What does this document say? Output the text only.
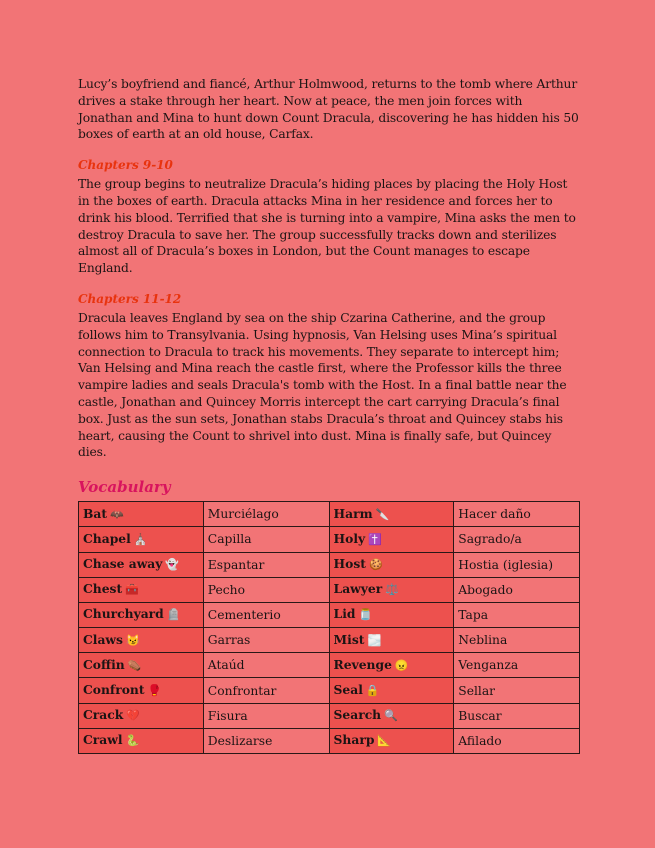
Lucy’s boyfriend and fiancé, Arthur Holmwood, returns to the tomb where Arthur drives a stake through her heart. Now at peace, the men join forces with Jonathan and Mina to hunt down Count Dracula, discovering he has hidden his 50 boxes of earth at an old house, Carfax.

Chapters 9-10

The group begins to neutralize Dracula’s hiding places by placing the Holy Host in the boxes of earth. Dracula attacks Mina in her residence and forces her to drink his blood. Terrified that she is turning into a vampire, Mina asks the men to destroy Dracula to save her. The group successfully tracks down and sterilizes almost all of Dracula’s boxes in London, but the Count manages to escape England.

Chapters 11-12

Dracula leaves England by sea on the ship Czarina Catherine, and the group follows him to Transylvania. Using hypnosis, Van Helsing uses Mina’s spiritual connection to Dracula to track his movements. They separate to intercept him; Van Helsing and Mina reach the castle first, where the Professor kills the three vampire ladies and seals Dracula's tomb with the Host. In a final battle near the castle, Jonathan and Quincey Morris intercept the cart carrying Dracula’s final box. Just as the sun sets, Jonathan stabs Dracula’s throat and Quincey stabs his heart, causing the Count to shrivel into dust. Mina is finally safe, but Quincey dies.

Vocabulary
Bat 🦇	Murciélago	Harm 🔪	Hacer daño
Chapel ⛪	Capilla	Holy ✝️	Sagrado/a
Chase away 👻	Espantar	Host 🍪	Hostia (iglesia)
Chest 🧰	Pecho	Lawyer ⚖️	Abogado
Churchyard 🪦	Cementerio	Lid 🫙	Tapa
Claws 😼	Garras	Mist 🌫️	Neblina
Coffin ⚰️	Ataúd	Revenge 😠	Venganza
Confront 🥊	Confrontar	Seal 🔒	Sellar
Crack 💔	Fisura	Search 🔍	Buscar
Crawl 🐍	Deslizarse	Sharp 📐	Afilado
